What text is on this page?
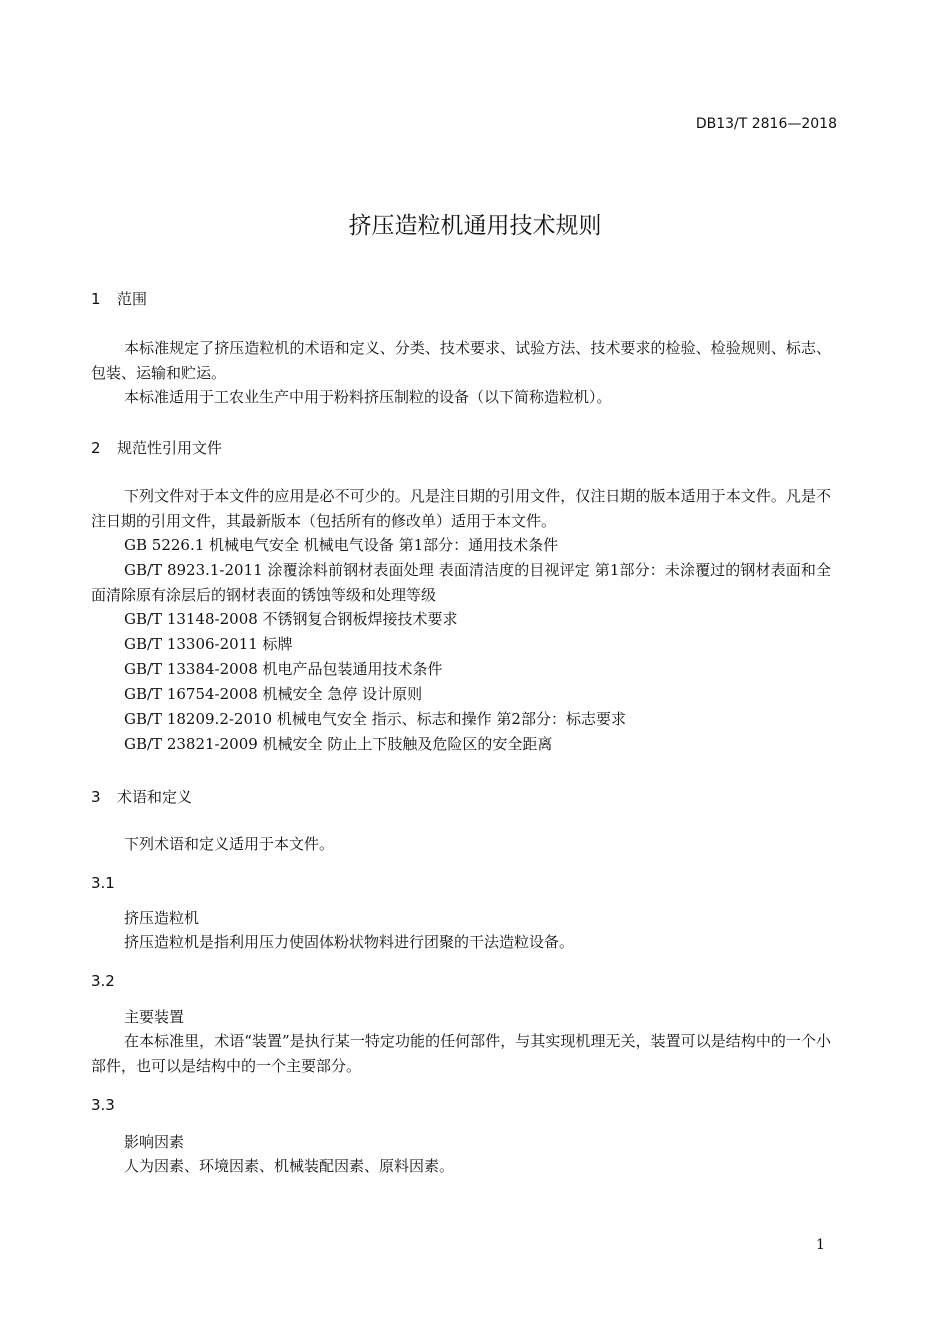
DB13/T 2816—2018
挤压造粒机通用技术规则
1 范围
本标准规定了挤压造粒机的术语和定义、分类、技术要求、试验方法、技术要求的检验、检验规则、标志、包装、运输和贮运。
本标准适用于工农业生产中用于粉料挤压制粒的设备（以下简称造粒机）。
2 规范性引用文件
下列文件对于本文件的应用是必不可少的。凡是注日期的引用文件，仅注日期的版本适用于本文件。凡是不注日期的引用文件，其最新版本（包括所有的修改单）适用于本文件。
GB 5226.1 机械电气安全 机械电气设备 第1部分：通用技术条件
GB/T 8923.1-2011 涂覆涂料前钢材表面处理 表面清洁度的目视评定 第1部分：未涂覆过的钢材表面和全面清除原有涂层后的钢材表面的锈蚀等级和处理等级
GB/T 13148-2008 不锈钢复合钢板焊接技术要求
GB/T 13306-2011 标牌
GB/T 13384-2008 机电产品包装通用技术条件
GB/T 16754-2008 机械安全 急停 设计原则
GB/T 18209.2-2010 机械电气安全 指示、标志和操作 第2部分：标志要求
GB/T 23821-2009 机械安全 防止上下肢触及危险区的安全距离
3 术语和定义
下列术语和定义适用于本文件。
3.1
挤压造粒机
挤压造粒机是指利用压力使固体粉状物料进行团聚的干法造粒设备。
3.2
主要装置
在本标准里，术语“装置”是执行某一特定功能的任何部件，与其实现机理无关，装置可以是结构中的一个小部件，也可以是结构中的一个主要部分。
3.3
影响因素
人为因素、环境因素、机械装配因素、原料因素。
1
